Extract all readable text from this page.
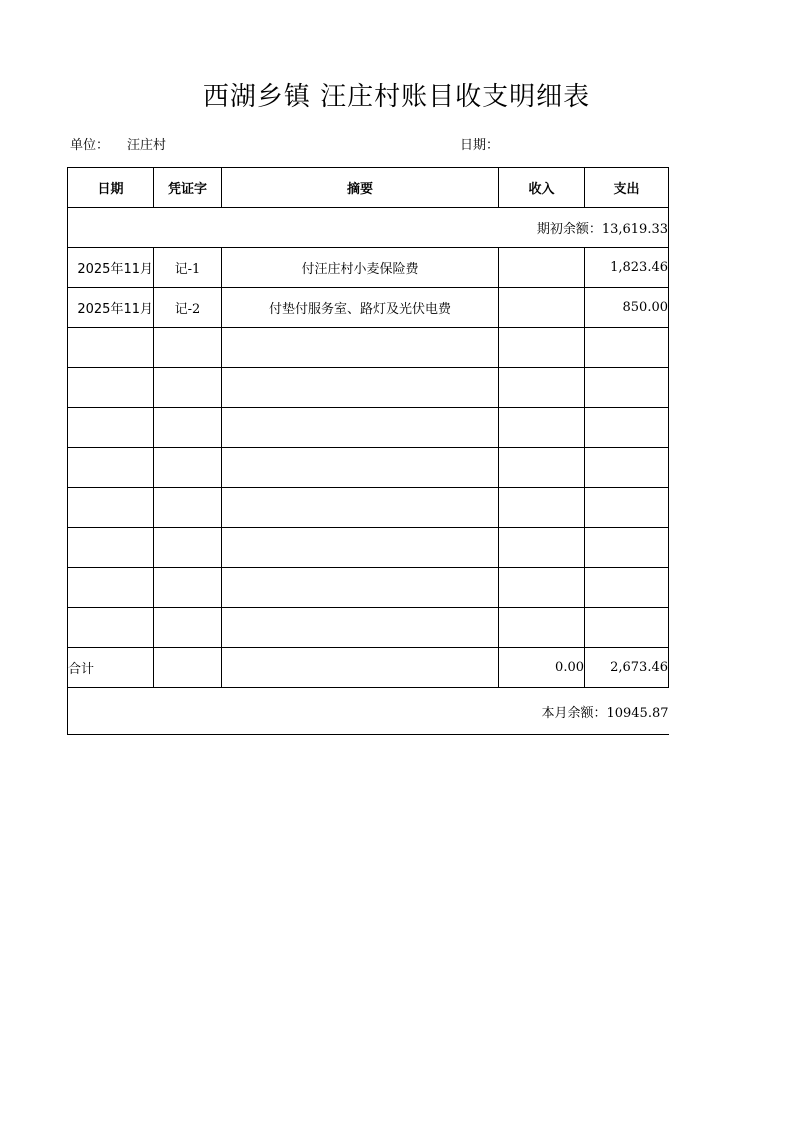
西湖乡镇 汪庄村账目收支明细表
单位： 汪庄村	日期：
日期	凭证字	摘要	收入	支出
期初余额：13,619.33				
2025年11月	记-1	付汪庄村小麦保险费		1,823.46
2025年11月	记-2	付垫付服务室、路灯及光伏电费		850.00

合计			0.00	2,673.46
本月余额：10945.87				
